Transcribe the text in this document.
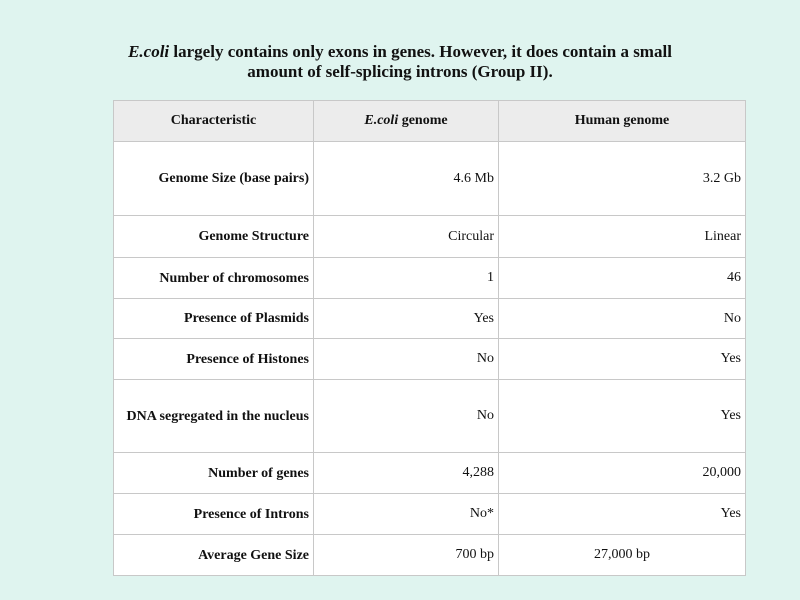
E.coli largely contains only exons in genes. However, it does contain a small
amount of self-splicing introns (Group II).
Characteristic	E.coli genome	Human genome
Genome Size (base pairs)	4.6 Mb	3.2 Gb
Genome Structure	Circular	Linear
Number of chromosomes	1	46
Presence of Plasmids	Yes	No
Presence of Histones	No	Yes
DNA segregated in the nucleus	No	Yes
Number of genes	4,288	20,000
Presence of Introns	No*	Yes
Average Gene Size	700 bp	27,000 bp
